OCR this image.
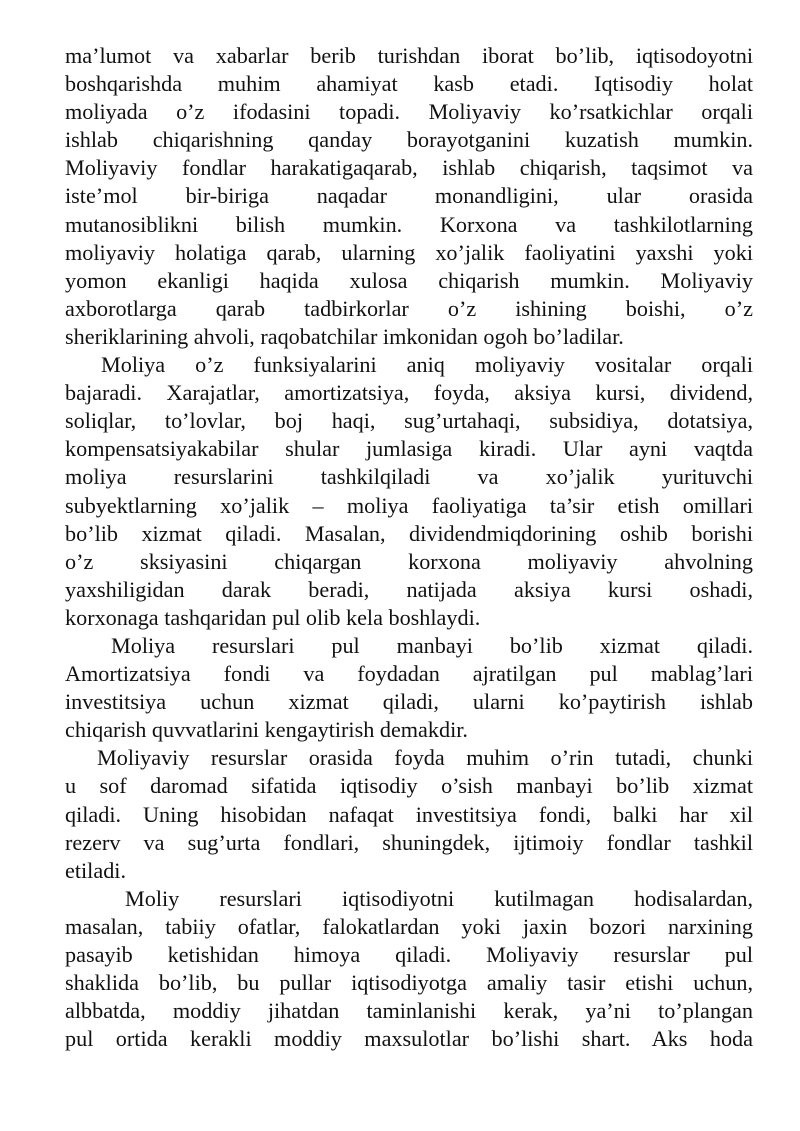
ma’lumot va xabarlar berib turishdan iborat bo’lib, iqtisodoyotni
boshqarishda muhim ahamiyat kasb etadi. Iqtisodiy holat
moliyada o’z ifodasini topadi. Moliyaviy ko’rsatkichlar orqali
ishlab chiqarishning qanday borayotganini kuzatish mumkin.
Moliyaviy fondlar harakatigaqarab, ishlab chiqarish, taqsimot va
iste’mol bir-biriga naqadar monandligini, ular orasida
mutanosiblikni bilish mumkin. Korxona va tashkilotlarning
moliyaviy holatiga qarab, ularning xo’jalik faoliyatini yaxshi yoki
yomon ekanligi haqida xulosa chiqarish mumkin. Moliyaviy
axborotlarga qarab tadbirkorlar o’z ishining boishi, o’z
sheriklarining ahvoli, raqobatchilar imkonidan ogoh bo’ladilar.
Moliya o’z funksiyalarini aniq moliyaviy vositalar orqali
bajaradi. Xarajatlar, amortizatsiya, foyda, aksiya kursi, dividend,
soliqlar, to’lovlar, boj haqi, sug’urtahaqi, subsidiya, dotatsiya,
kompensatsiyakabilar shular jumlasiga kiradi. Ular ayni vaqtda
moliya resurslarini tashkilqiladi va xo’jalik yurituvchi
subyektlarning xo’jalik – moliya faoliyatiga ta’sir etish omillari
bo’lib xizmat qiladi. Masalan, dividendmiqdorining oshib borishi
o’z sksiyasini chiqargan korxona moliyaviy ahvolning
yaxshiligidan darak beradi, natijada aksiya kursi oshadi,
korxonaga tashqaridan pul olib kela boshlaydi.
Moliya resurslari pul manbayi bo’lib xizmat qiladi.
Amortizatsiya fondi va foydadan ajratilgan pul mablag’lari
investitsiya uchun xizmat qiladi, ularni ko’paytirish ishlab
chiqarish quvvatlarini kengaytirish demakdir.
Moliyaviy resurslar orasida foyda muhim o’rin tutadi, chunki
u sof daromad sifatida iqtisodiy o’sish manbayi bo’lib xizmat
qiladi. Uning hisobidan nafaqat investitsiya fondi, balki har xil
rezerv va sug’urta fondlari, shuningdek, ijtimoiy fondlar tashkil
etiladi.
Moliy resurslari iqtisodiyotni kutilmagan hodisalardan,
masalan, tabiiy ofatlar, falokatlardan yoki jaxin bozori narxining
pasayib ketishidan himoya qiladi. Moliyaviy resurslar pul
shaklida bo’lib, bu pullar iqtisodiyotga amaliy tasir etishi uchun,
albbatda, moddiy jihatdan taminlanishi kerak, ya’ni to’plangan
pul ortida kerakli moddiy maxsulotlar bo’lishi shart. Aks hoda
